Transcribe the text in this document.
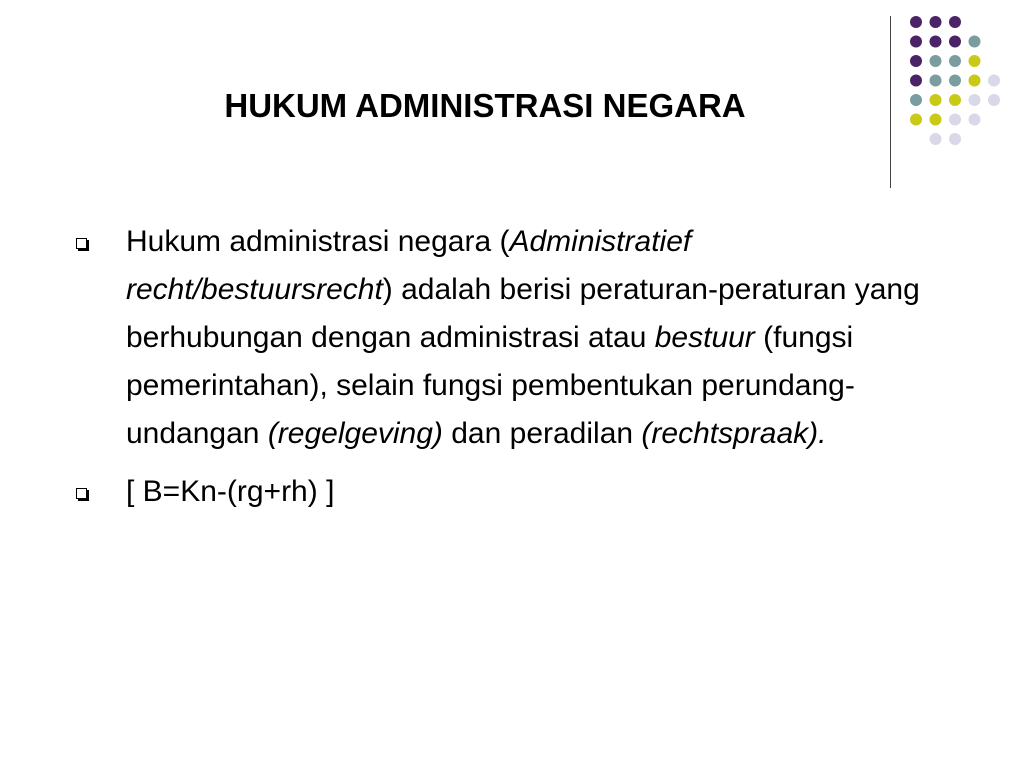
HUKUM ADMINISTRASI NEGARA
Hukum administrasi negara (Administratief recht/bestuursrecht) adalah berisi peraturan-peraturan yang berhubungan dengan administrasi atau bestuur (fungsi pemerintahan), selain fungsi pembentukan perundang-undangan (regelgeving) dan peradilan (rechtspraak).
[ B=Kn-(rg+rh) ]
